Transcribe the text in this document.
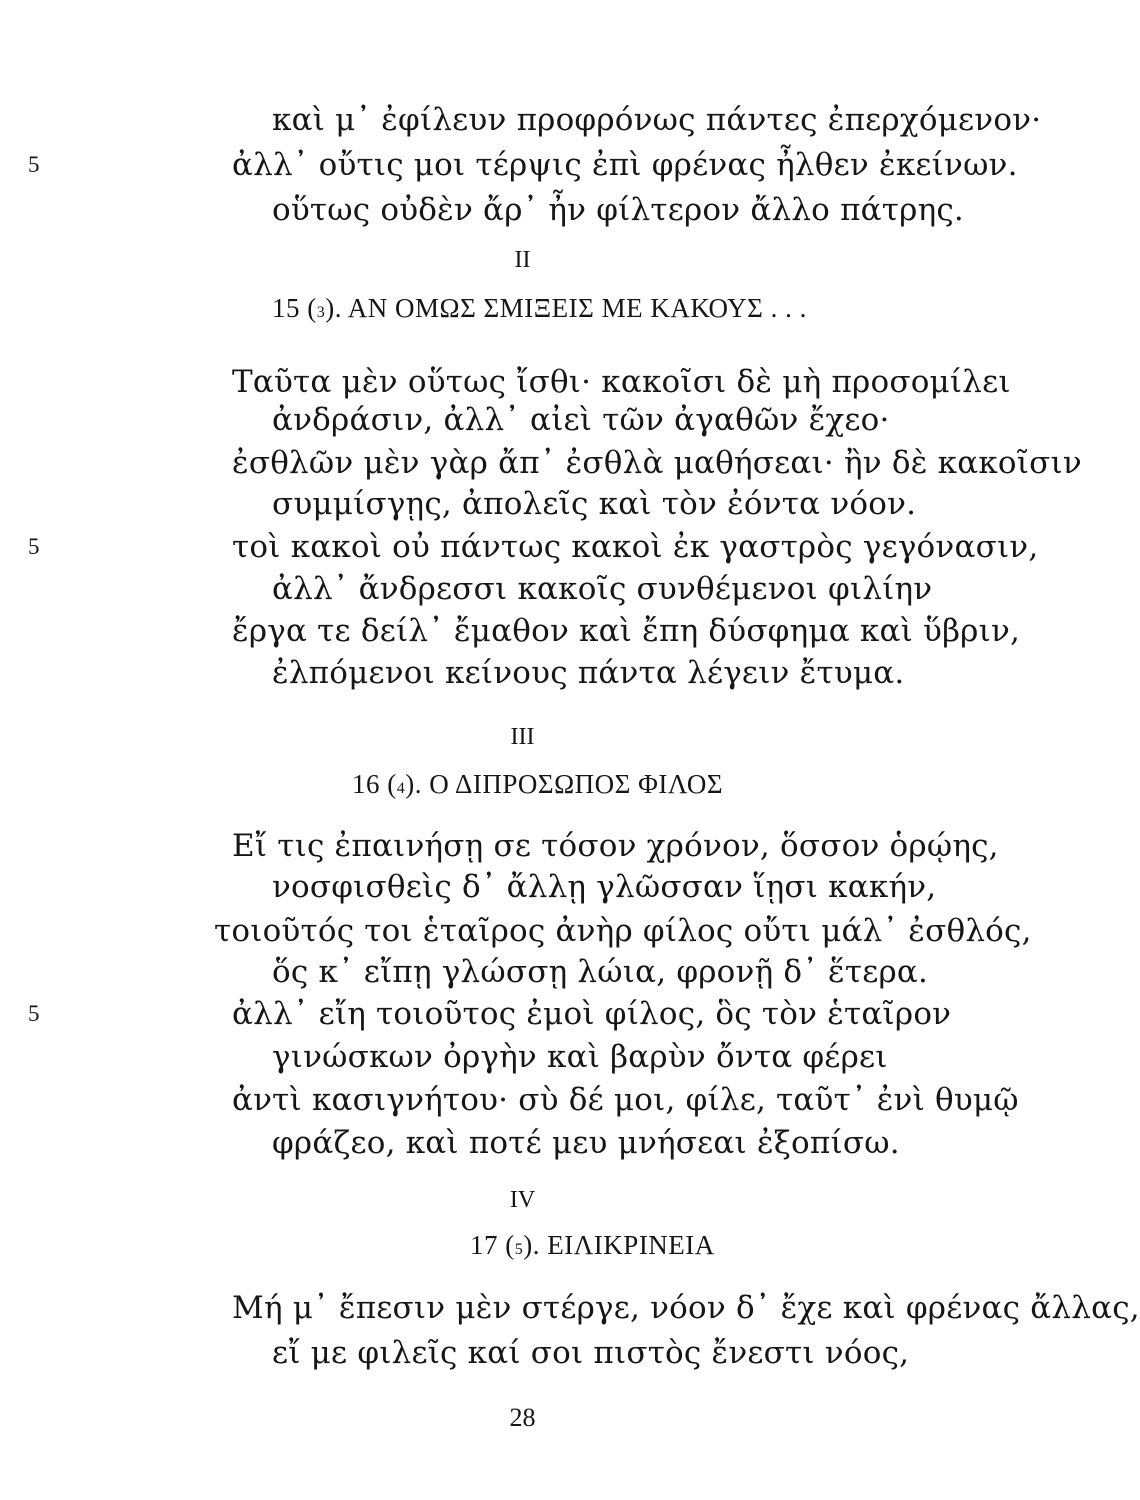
καὶ μ᾽ ἐφίλευν προφρόνως πάντες ἐπερχόμενον·

5	ἀλλ᾽ οὔτις μοι τέρψις ἐπὶ φρένας ἦλθεν ἐκείνων.

οὕτως οὐδὲν ἄρ᾽ ἦν φίλτερον ἄλλο πάτρης.

II

15 (3). ΑΝ ΟΜΩΣ ΣΜΙΞΕΙΣ ΜΕ ΚΑΚΟΥΣ . . .

Ταῦτα μὲν οὕτως ἴσθι· κακοῖσι δὲ μὴ προσομίλει

ἀνδράσιν, ἀλλ᾽ αἰεὶ τῶν ἀγαθῶν ἔχεο·

ἐσθλῶν μὲν γὰρ ἄπ᾽ ἐσθλὰ μαθήσεαι· ἢν δὲ κακοῖσιν

συμμίσγῃς, ἀπολεῖς καὶ τὸν ἐόντα νόον.

5	τοὶ κακοὶ οὐ πάντως κακοὶ ἐκ γαστρὸς γεγόνασιν,

ἀλλ᾽ ἄνδρεσσι κακοῖς συνθέμενοι φιλίην

ἔργα τε δείλ᾽ ἔμαθον καὶ ἔπη δύσφημα καὶ ὕβριν,

ἐλπόμενοι κείνους πάντα λέγειν ἔτυμα.

III

16 (4). Ο ΔΙΠΡΟΣΩΠΟΣ ΦΙΛΟΣ

Εἴ τις ἐπαινήσῃ σε τόσον χρόνον, ὅσσον ὁρῴης,

νοσφισθεὶς δ᾽ ἄλλῃ γλῶσσαν ἵῃσι κακήν,

τοιοῦτός τοι ἑταῖρος ἀνὴρ φίλος οὔτι μάλ᾽ ἐσθλός,

ὅς κ᾽ εἴπῃ γλώσσῃ λώια, φρονῇ δ᾽ ἕτερα.

5	ἀλλ᾽ εἴη τοιοῦτος ἐμοὶ φίλος, ὃς τὸν ἑταῖρον

γινώσκων ὀργὴν καὶ βαρὺν ὄντα φέρει

ἀντὶ κασιγνήτου· σὺ δέ μοι, φίλε, ταῦτ᾽ ἐνὶ θυμῷ

φράζεο, καὶ ποτέ μευ μνήσεαι ἐξοπίσω.

IV

17 (5). ΕΙΛΙΚΡΙΝΕΙΑ

Μή μ᾽ ἔπεσιν μὲν στέργε, νόον δ᾽ ἔχε καὶ φρένας ἄλλας,

εἴ με φιλεῖς καί σοι πιστὸς ἔνεστι νόος,

28
